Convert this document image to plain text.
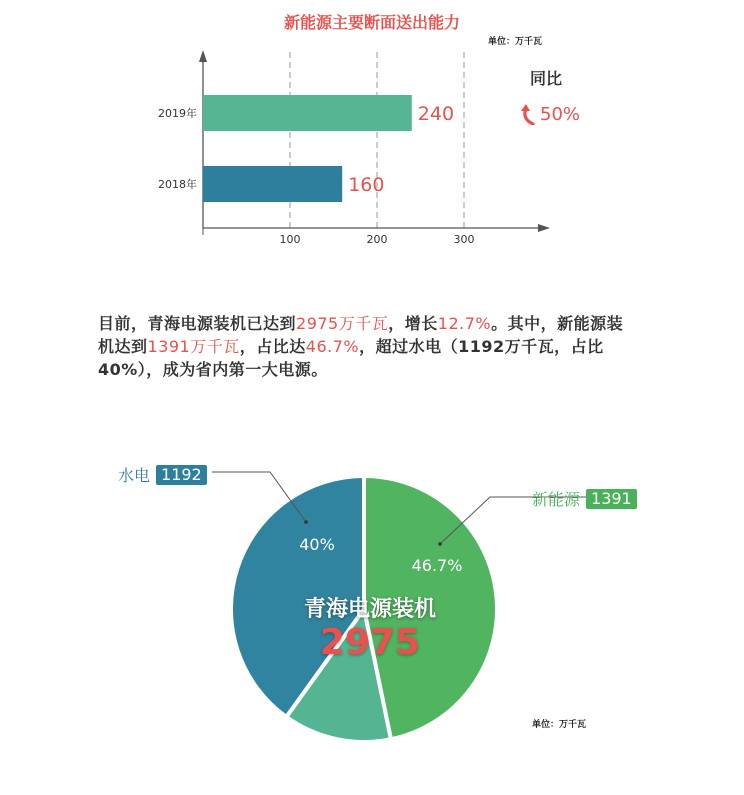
新能源主要断面送出能力
单位：万千瓦
100	200	300
2019年	240
2018年	160
同比
50%
目前，青海电源装机已达到2975万千瓦，增长12.7%。其中，新能源装机达到1391万千瓦，占比达46.7%，超过水电（1192万千瓦，占比40%），成为省内第一大电源。
40%
46.7%
水电 1192
新能源 1391
青海电源装机
2975
单位：万千瓦
